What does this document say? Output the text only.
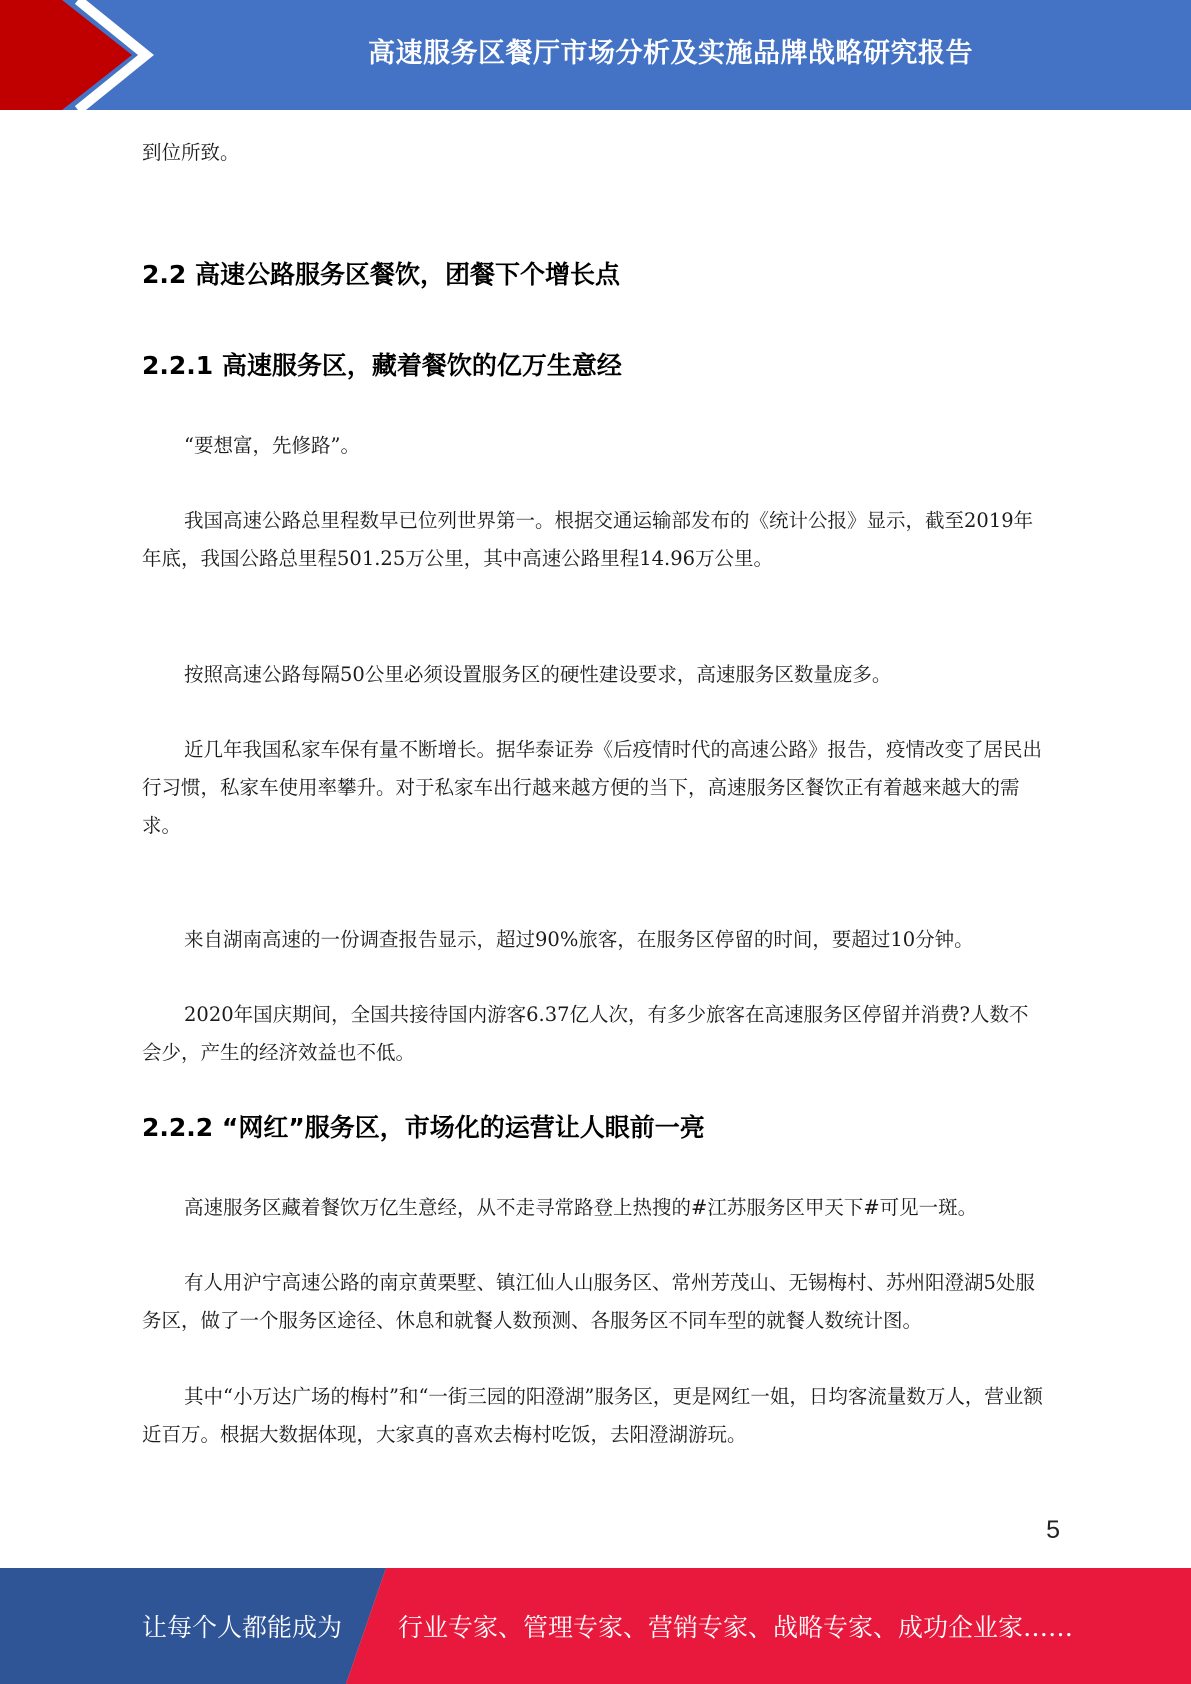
高速服务区餐厅市场分析及实施品牌战略研究报告

到位所致。

2.2 高速公路服务区餐饮，团餐下个增长点
2.2.1 高速服务区，藏着餐饮的亿万生意经

“要想富，先修路”。

我国高速公路总里程数早已位列世界第一。根据交通运输部发布的《统计公报》显示，截至2019年年底，我国公路总里程501.25万公里，其中高速公路里程14.96万公里。

按照高速公路每隔50公里必须设置服务区的硬性建设要求，高速服务区数量庞多。

近几年我国私家车保有量不断增长。据华泰证券《后疫情时代的高速公路》报告，疫情改变了居民出行习惯，私家车使用率攀升。对于私家车出行越来越方便的当下，高速服务区餐饮正有着越来越大的需求。

来自湖南高速的一份调查报告显示，超过90%旅客，在服务区停留的时间，要超过10分钟。

2020年国庆期间，全国共接待国内游客6.37亿人次，有多少旅客在高速服务区停留并消费?人数不会少，产生的经济效益也不低。

2.2.2 “网红”服务区，市场化的运营让人眼前一亮

高速服务区藏着餐饮万亿生意经，从不走寻常路登上热搜的#江苏服务区甲天下#可见一斑。

有人用沪宁高速公路的南京黄栗墅、镇江仙人山服务区、常州芳茂山、无锡梅村、苏州阳澄湖5处服务区，做了一个服务区途径、休息和就餐人数预测、各服务区不同车型的就餐人数统计图。

其中“小万达广场的梅村”和“一街三园的阳澄湖”服务区，更是网红一姐，日均客流量数万人，营业额近百万。根据大数据体现，大家真的喜欢去梅村吃饭，去阳澄湖游玩。

5
让每个人都能成为 行业专家、管理专家、营销专家、战略专家、成功企业家……
